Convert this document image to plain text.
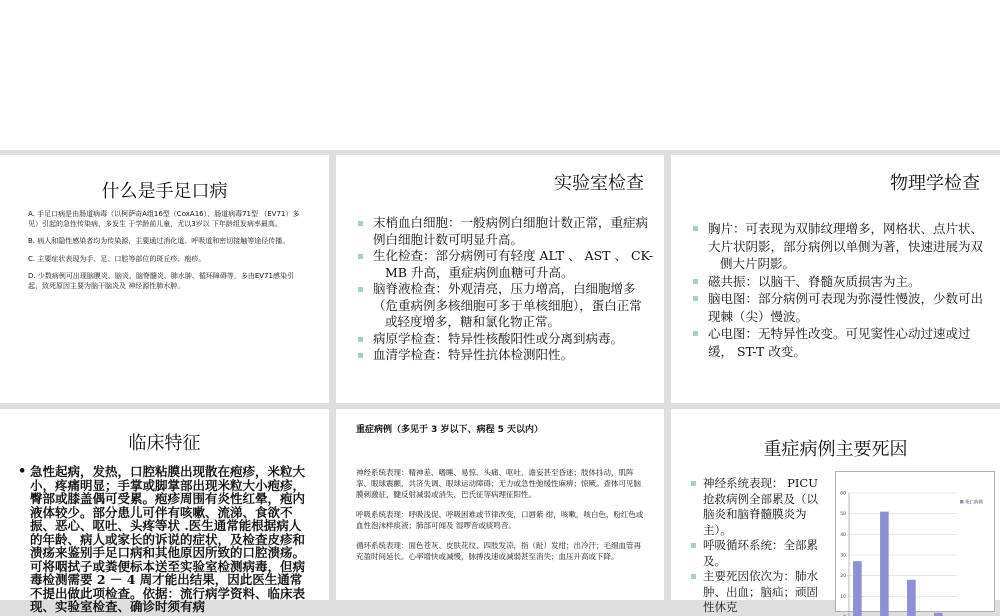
什么是手足口病

A. 手足口病是由肠道病毒（以柯萨奇A组16型（CoxA16）、肠道病毒71型 （EV71）多见）引起的急性传染病，多发生 于学龄前儿童，尤以3岁以 下年龄组发病率最高。

B. 病人和隐性感染者均为传染源，主要通过消化道、呼吸道和密切接触等途径传播。

C. 主要症状表现为手、足、口腔等部位的斑丘疹、疱疹。

D. 少数病例可出现脑膜炎、脑炎、脑脊髓炎、肺水肿、循环障碍等，多由EV71感染引起，致死原因主要为脑干脑炎及 神经源性肺水肿。

实验室检查
末梢血白细胞：一般病例白细胞计数正常，重症病例白细胞计数可明显升高。
生化检查：部分病例可有轻度 ALT 、 AST 、 CK-
MB 升高，重症病例血糖可升高。
脑脊液检查：外观清亮，压力增高，白细胞增多（危重病例多核细胞可多于单核细胞），蛋白正常
或轻度增多，糖和氯化物正常。
病原学检查：特异性核酸阳性或分离到病毒。
血清学检查：特异性抗体检测阳性。
物理学检查
胸片：可表现为双肺纹理增多，网格状、点片状、大片状阴影，部分病例以单侧为著，快速进展为双
侧大片阴影。
磁共振：以脑干、脊髓灰质损害为主。
脑电图：部分病例可表现为弥漫性慢波，少数可出现棘（尖）慢波。
心电图：无特异性改变。可见窦性心动过速或过缓， ST-T 改变。
临床特征
• 急性起病，发热，口腔粘膜出现散在疱疹，米粒大小，疼痛明显；手掌或脚掌部出现米粒大小疱疹，臀部或膝盖偶可受累。疱疹周围有炎性红晕，疱内液体较少。部分患儿可伴有咳嗽、流涕、食欲不振、恶心、呕吐、头疼等状 .医生通常能根据病人的年龄、病人或家长的诉说的症状，及检查皮疹和溃疡来鉴别手足口病和其他原因所致的口腔溃疡。可将咽拭子或粪便标本送至实验室检测病毒，但病毒检测需要 2 － 4 周才能出结果，因此医生通常不提出做此项检查。依据：流行病学资料、临床表现、实验室检查、确诊时须有病
重症病例（多见于 3 岁以下、病程 5 天以内）

神经系统表现：精神差、嗜睡、易惊、头痛、呕吐、谵妄甚至昏迷；肢体抖动，肌阵挛、眼球震颤、共济失调、眼球运动障碍；无力或急性弛缓性麻痹；惊厥。查体可见脑膜刺激征，腱反射减弱或消失，巴氏征等病理征阳性。

呼吸系统表现：呼吸浅促、呼吸困难或节律改变，口唇紫 绀，咳嗽，咳白色、粉红色或血性泡沫样痰液；肺部可闻及 湿啰音或痰鸣音。

循环系统表现：面色苍灰、皮肤花纹、四肢发凉，指（趾）发绀；出冷汗；毛细血管再充盈时间延长。心率增快或减慢，脉搏浅速或减弱甚至消失；血压升高或下降。

重症病例主要死因
神经系统表现： PICU 抢救病例全部累及（以脑炎和脑脊髓膜炎为主）。
呼吸循环系统：全部累及。
主要死因依次为：肺水肿、出血；脑疝；顽固性休克
10
20
30
40
50
60
死亡病例
